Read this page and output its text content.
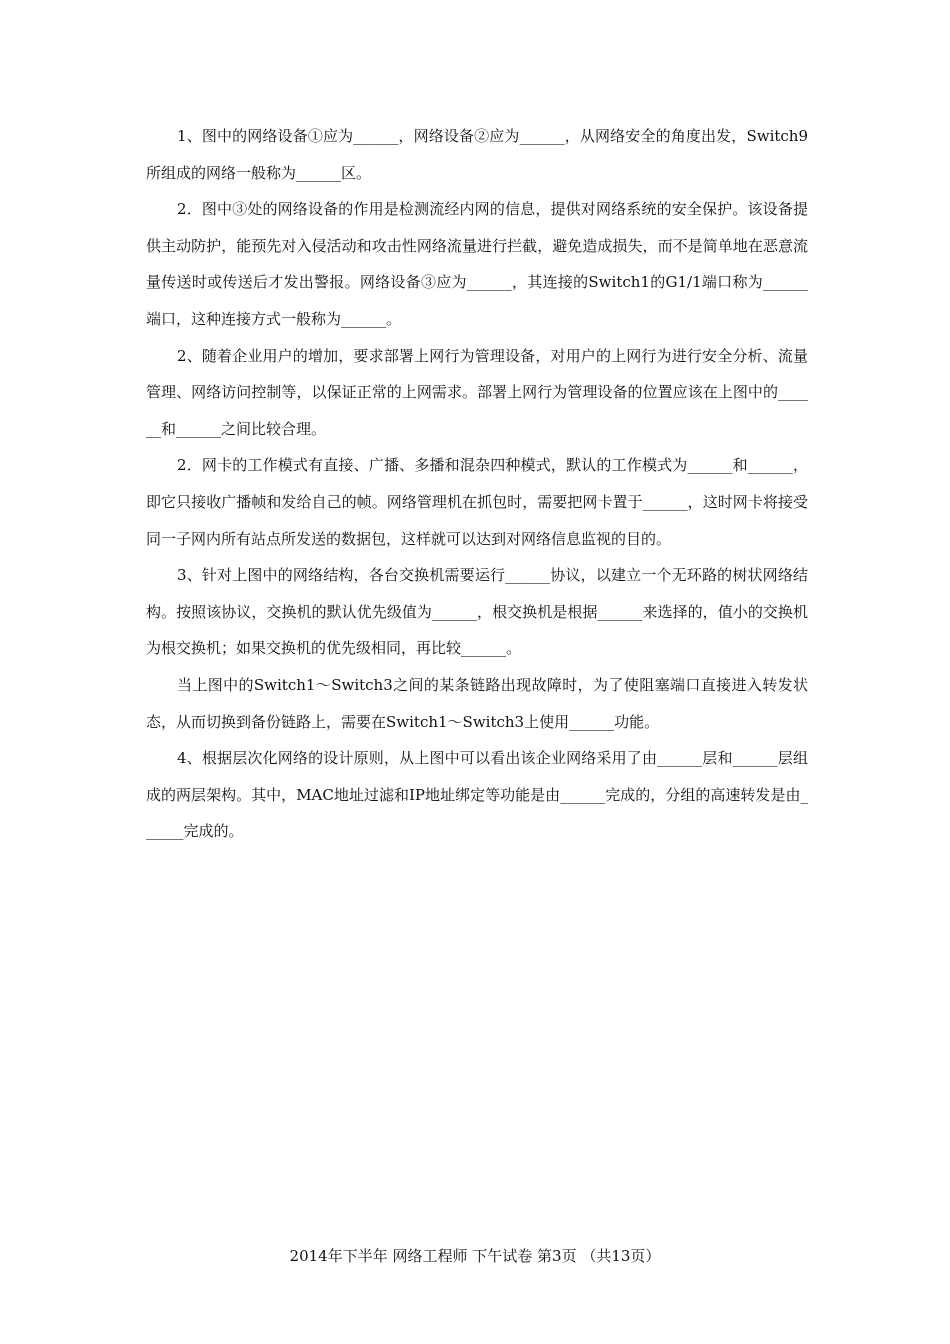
1、图中的网络设备①应为______，网络设备②应为______，从网络安全的角度出发，Switch9所组成的网络一般称为______区。

2．图中③处的网络设备的作用是检测流经内网的信息，提供对网络系统的安全保护。该设备提供主动防护，能预先对入侵活动和攻击性网络流量进行拦截，避免造成损失，而不是简单地在恶意流量传送时或传送后才发出警报。网络设备③应为______，其连接的Switch1的G1/1端口称为______端口，这种连接方式一般称为______。

2、随着企业用户的增加，要求部署上网行为管理设备，对用户的上网行为进行安全分析、流量管理、网络访问控制等，以保证正常的上网需求。部署上网行为管理设备的位置应该在上图中的______和______之间比较合理。

2．网卡的工作模式有直接、广播、多播和混杂四种模式，默认的工作模式为______和______，即它只接收广播帧和发给自己的帧。网络管理机在抓包时，需要把网卡置于______，这时网卡将接受同一子网内所有站点所发送的数据包，这样就可以达到对网络信息监视的目的。

3、针对上图中的网络结构，各台交换机需要运行______协议，以建立一个无环路的树状网络结构。按照该协议，交换机的默认优先级值为______，根交换机是根据______来选择的，值小的交换机为根交换机；如果交换机的优先级相同，再比较______。

当上图中的Switch1～Switch3之间的某条链路出现故障时，为了使阻塞端口直接进入转发状态，从而切换到备份链路上，需要在Switch1～Switch3上使用______功能。

4、根据层次化网络的设计原则，从上图中可以看出该企业网络采用了由______层和______层组成的两层架构。其中，MAC地址过滤和IP地址绑定等功能是由______完成的，分组的高速转发是由______完成的。

2014年下半年 网络工程师 下午试卷 第3页 （共13页）
